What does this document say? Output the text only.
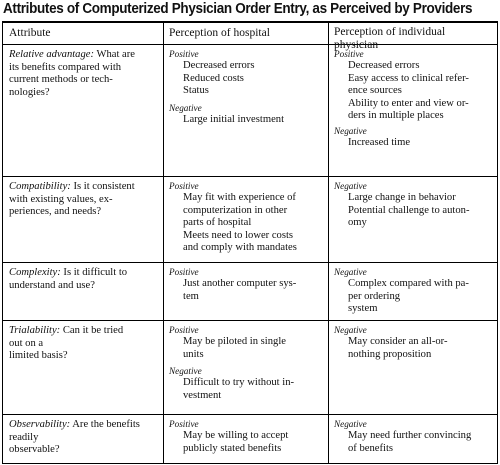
Attributes of Computerized Physician Order Entry, as Perceived by Providers
Attribute	Perception of hospital	Perception of individual
physician
Relative advantage: What are
its benefits compared with
current methods or tech-
nologies?
Positive
Decreased errors
Reduced costs
Status
Negative
Large initial investment
Positive
Decreased errors
Easy access to clinical refer-
ence sources
Ability to enter and view or-
ders in multiple places
Negative
Increased time
Compatibility: Is it consistent
with existing values, ex-
periences, and needs?
Positive
May fit with experience of
computerization in other
parts of hospital
Meets need to lower costs
and comply with mandates
Negative
Large change in behavior
Potential challenge to auton-
omy
Complexity: Is it difficult to
understand and use?
Positive
Just another computer sys-
tem
Negative
Complex compared with pa-
per ordering
system
Trialability: Can it be tried
out on a
limited basis?
Positive
May be piloted in single
units
Negative
Difficult to try without in-
vestment
Negative
May consider an all-or-
nothing proposition
Observability: Are the benefits
readily
observable?
Positive
May be willing to accept
publicly stated benefits
Negative
May need further convincing
of benefits
